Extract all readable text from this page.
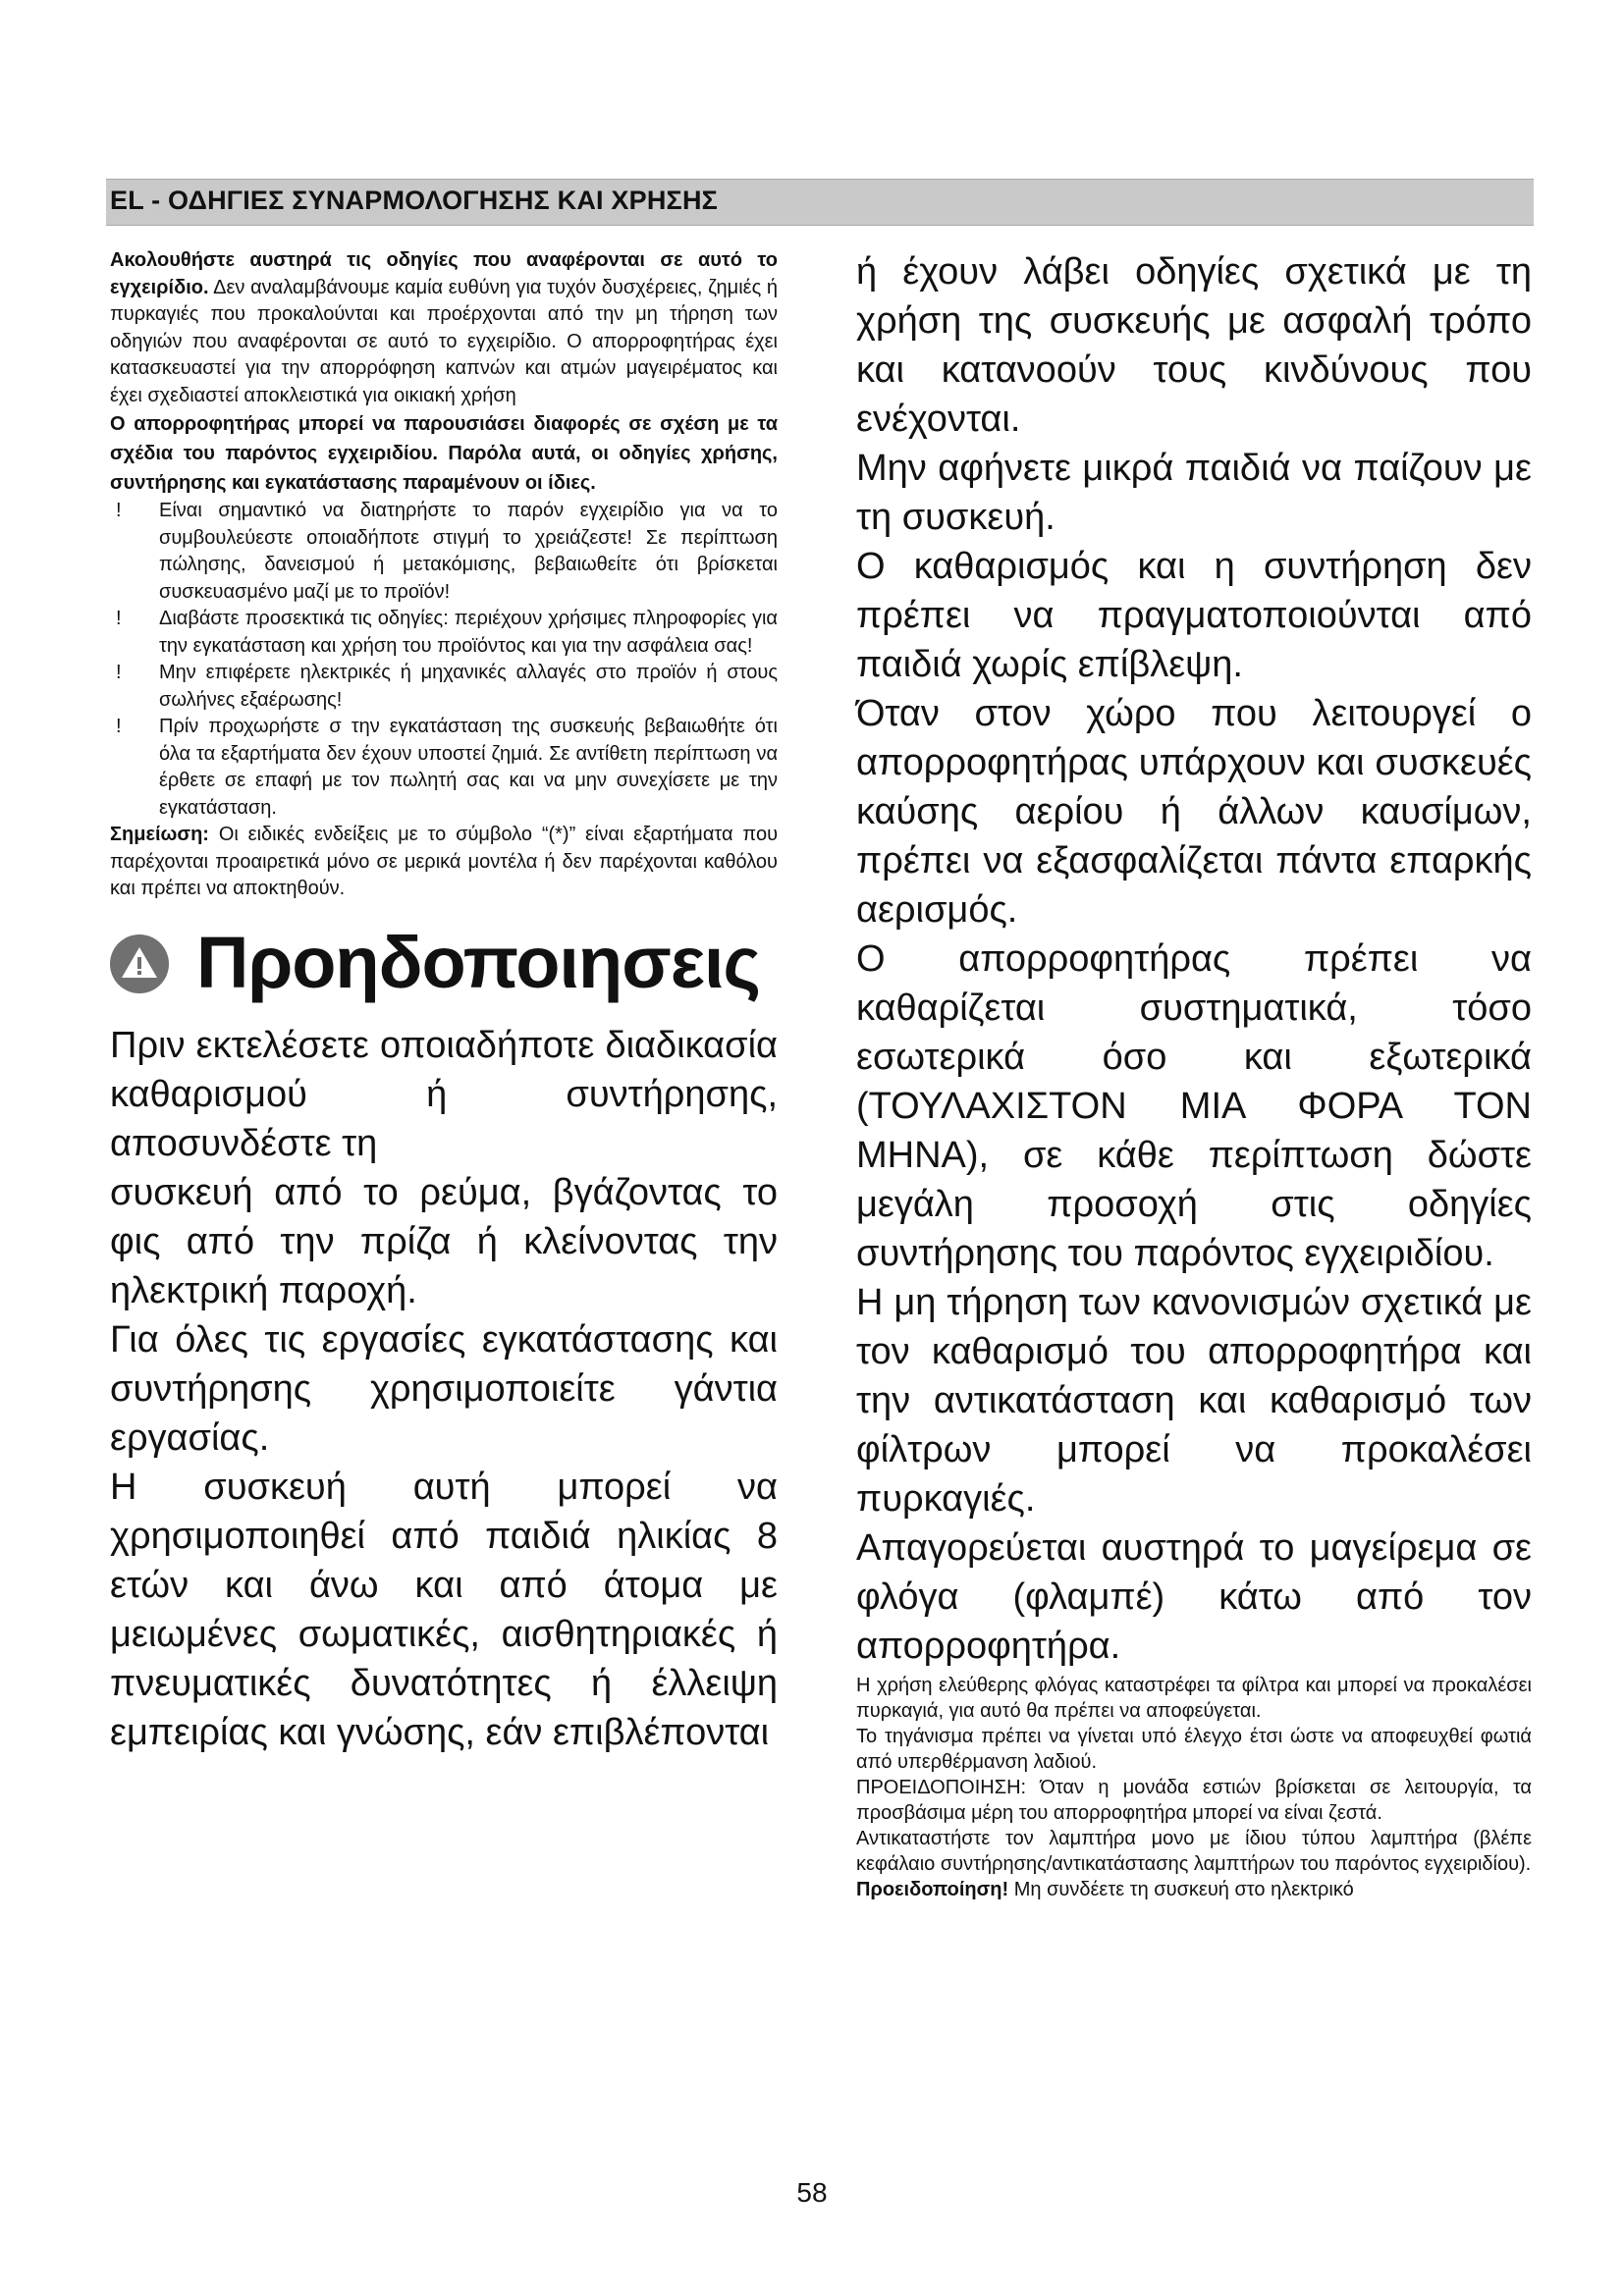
EL - ΟΔΗΓΙΕΣ ΣΥΝΑΡΜΟΛΟΓΗΣΗΣ ΚΑΙ ΧΡΗΣΗΣ

Ακολουθήστε αυστηρά τις οδηγίες που αναφέρονται σε αυτό το εγχειρίδιο. Δεν αναλαμβάνουμε καμία ευθύνη για τυχόν δυσχέρειες, ζημιές ή πυρκαγιές που προκαλούνται και προέρχονται από την μη τήρηση των οδηγιών που αναφέρονται σε αυτό το εγχειρίδιο. Ο απορροφητήρας έχει κατασκευαστεί για την απορρόφηση καπνών και ατμών μαγειρέματος και έχει σχεδιαστεί αποκλειστικά για οικιακή χρήση

Ο απορροφητήρας μπορεί να παρουσιάσει διαφορές σε σχέση με τα σχέδια του παρόντος εγχειριδίου. Παρόλα αυτά, οι οδηγίες χρήσης, συντήρησης και εγκατάστασης παραμένουν οι ίδιες.

! Είναι σημαντικό να διατηρήστε το παρόν εγχειρίδιο για να το συμβουλεύεστε οποιαδήποτε στιγμή το χρειάζεστε! Σε περίπτωση πώλησης, δανεισμού ή μετακόμισης, βεβαιωθείτε ότι βρίσκεται συσκευασμένο μαζί με το προϊόν!

! Διαβάστε προσεκτικά τις οδηγίες: περιέχουν χρήσιμες πληροφορίες για την εγκατάσταση και χρήση του προϊόντος και για την ασφάλεια σας!

! Μην επιφέρετε ηλεκτρικές ή μηχανικές αλλαγές στο προϊόν ή στους σωλήνες εξαέρωσης!

! Πρίν προχωρήστε σ την εγκατάσταση της συσκευής βεβαιωθήτε ότι όλα τα εξαρτήματα δεν έχουν υποστεί ζημιά. Σε αντίθετη περίπτωση να έρθετε σε επαφή με τον πωλητή σας και να μην συνεχίσετε με την εγκατάσταση.

Σημείωση: Οι ειδικές ενδείξεις με το σύμβολο “(*)” είναι εξαρτήματα που παρέχονται προαιρετικά μόνο σε μερικά μοντέλα ή δεν παρέχονται καθόλου και πρέπει να αποκτηθούν.

Προηδοποιησεις

Πριν εκτελέσετε οποιαδήποτε διαδικασία καθαρισμού ή συντήρησης, αποσυνδέστε τη

συσκευή από το ρεύμα, βγάζοντας το φις από την πρίζα ή κλείνοντας την ηλεκτρική παροχή.

Για όλες τις εργασίες εγκατάστασης και συντήρησης χρησιμοποιείτε γάντια εργασίας.

Η συσκευή αυτή μπορεί να χρησιμοποιηθεί από παιδιά ηλικίας 8 ετών και άνω και από άτομα με μειωμένες σωματικές, αισθητηριακές ή πνευματικές δυνατότητες ή έλλειψη εμπειρίας και γνώσης, εάν επιβλέπονται

ή έχουν λάβει οδηγίες σχετικά με τη χρήση της συσκευής με ασφαλή τρόπο και κατανοούν τους κινδύνους που ενέχονται.

Μην αφήνετε μικρά παιδιά να παίζουν με τη συσκευή.

Ο καθαρισμός και η συντήρηση δεν πρέπει να πραγματοποιούνται από παιδιά χωρίς επίβλεψη.

Όταν στον χώρο που λειτουργεί ο απορροφητήρας υπάρχουν και συσκευές καύσης αερίου ή άλλων καυσίμων, πρέπει να εξασφαλίζεται πάντα επαρκής αερισμός.

Ο απορροφητήρας πρέπει να καθαρίζεται συστηματικά, τόσο εσωτερικά όσο και εξωτερικά (ΤΟΥΛΑΧΙΣΤΟΝ ΜΙΑ ΦΟΡΑ ΤΟΝ ΜΗΝΑ), σε κάθε περίπτωση δώστε μεγάλη προσοχή στις οδηγίες συντήρησης του παρόντος εγχειριδίου.

Η μη τήρηση των κανονισμών σχετικά με τον καθαρισμό του απορροφητήρα και την αντικατάσταση και καθαρισμό των φίλτρων μπορεί να προκαλέσει πυρκαγιές.

Απαγορεύεται αυστηρά το μαγείρεμα σε φλόγα (φλαμπέ) κάτω από τον απορροφητήρα.

Η χρήση ελεύθερης φλόγας καταστρέφει τα φίλτρα και μπορεί να προκαλέσει πυρκαγιά, για αυτό θα πρέπει να αποφεύγεται.

Το τηγάνισμα πρέπει να γίνεται υπό έλεγχο έτσι ώστε να αποφευχθεί φωτιά από υπερθέρμανση λαδιού.

ΠΡΟΕΙΔΟΠΟΙΗΣΗ: Όταν η μονάδα εστιών βρίσκεται σε λειτουργία, τα προσβάσιμα μέρη του απορροφητήρα μπορεί να είναι ζεστά.

Αντικαταστήστε τον λαμπτήρα μονο με ίδιου τύπου λαμπτήρα (βλέπε κεφάλαιο συντήρησης/αντικατάστασης λαμπτήρων του παρόντος εγχειριδίου).

Προειδοποίηση! Μη συνδέετε τη συσκευή στο ηλεκτρικό

58
